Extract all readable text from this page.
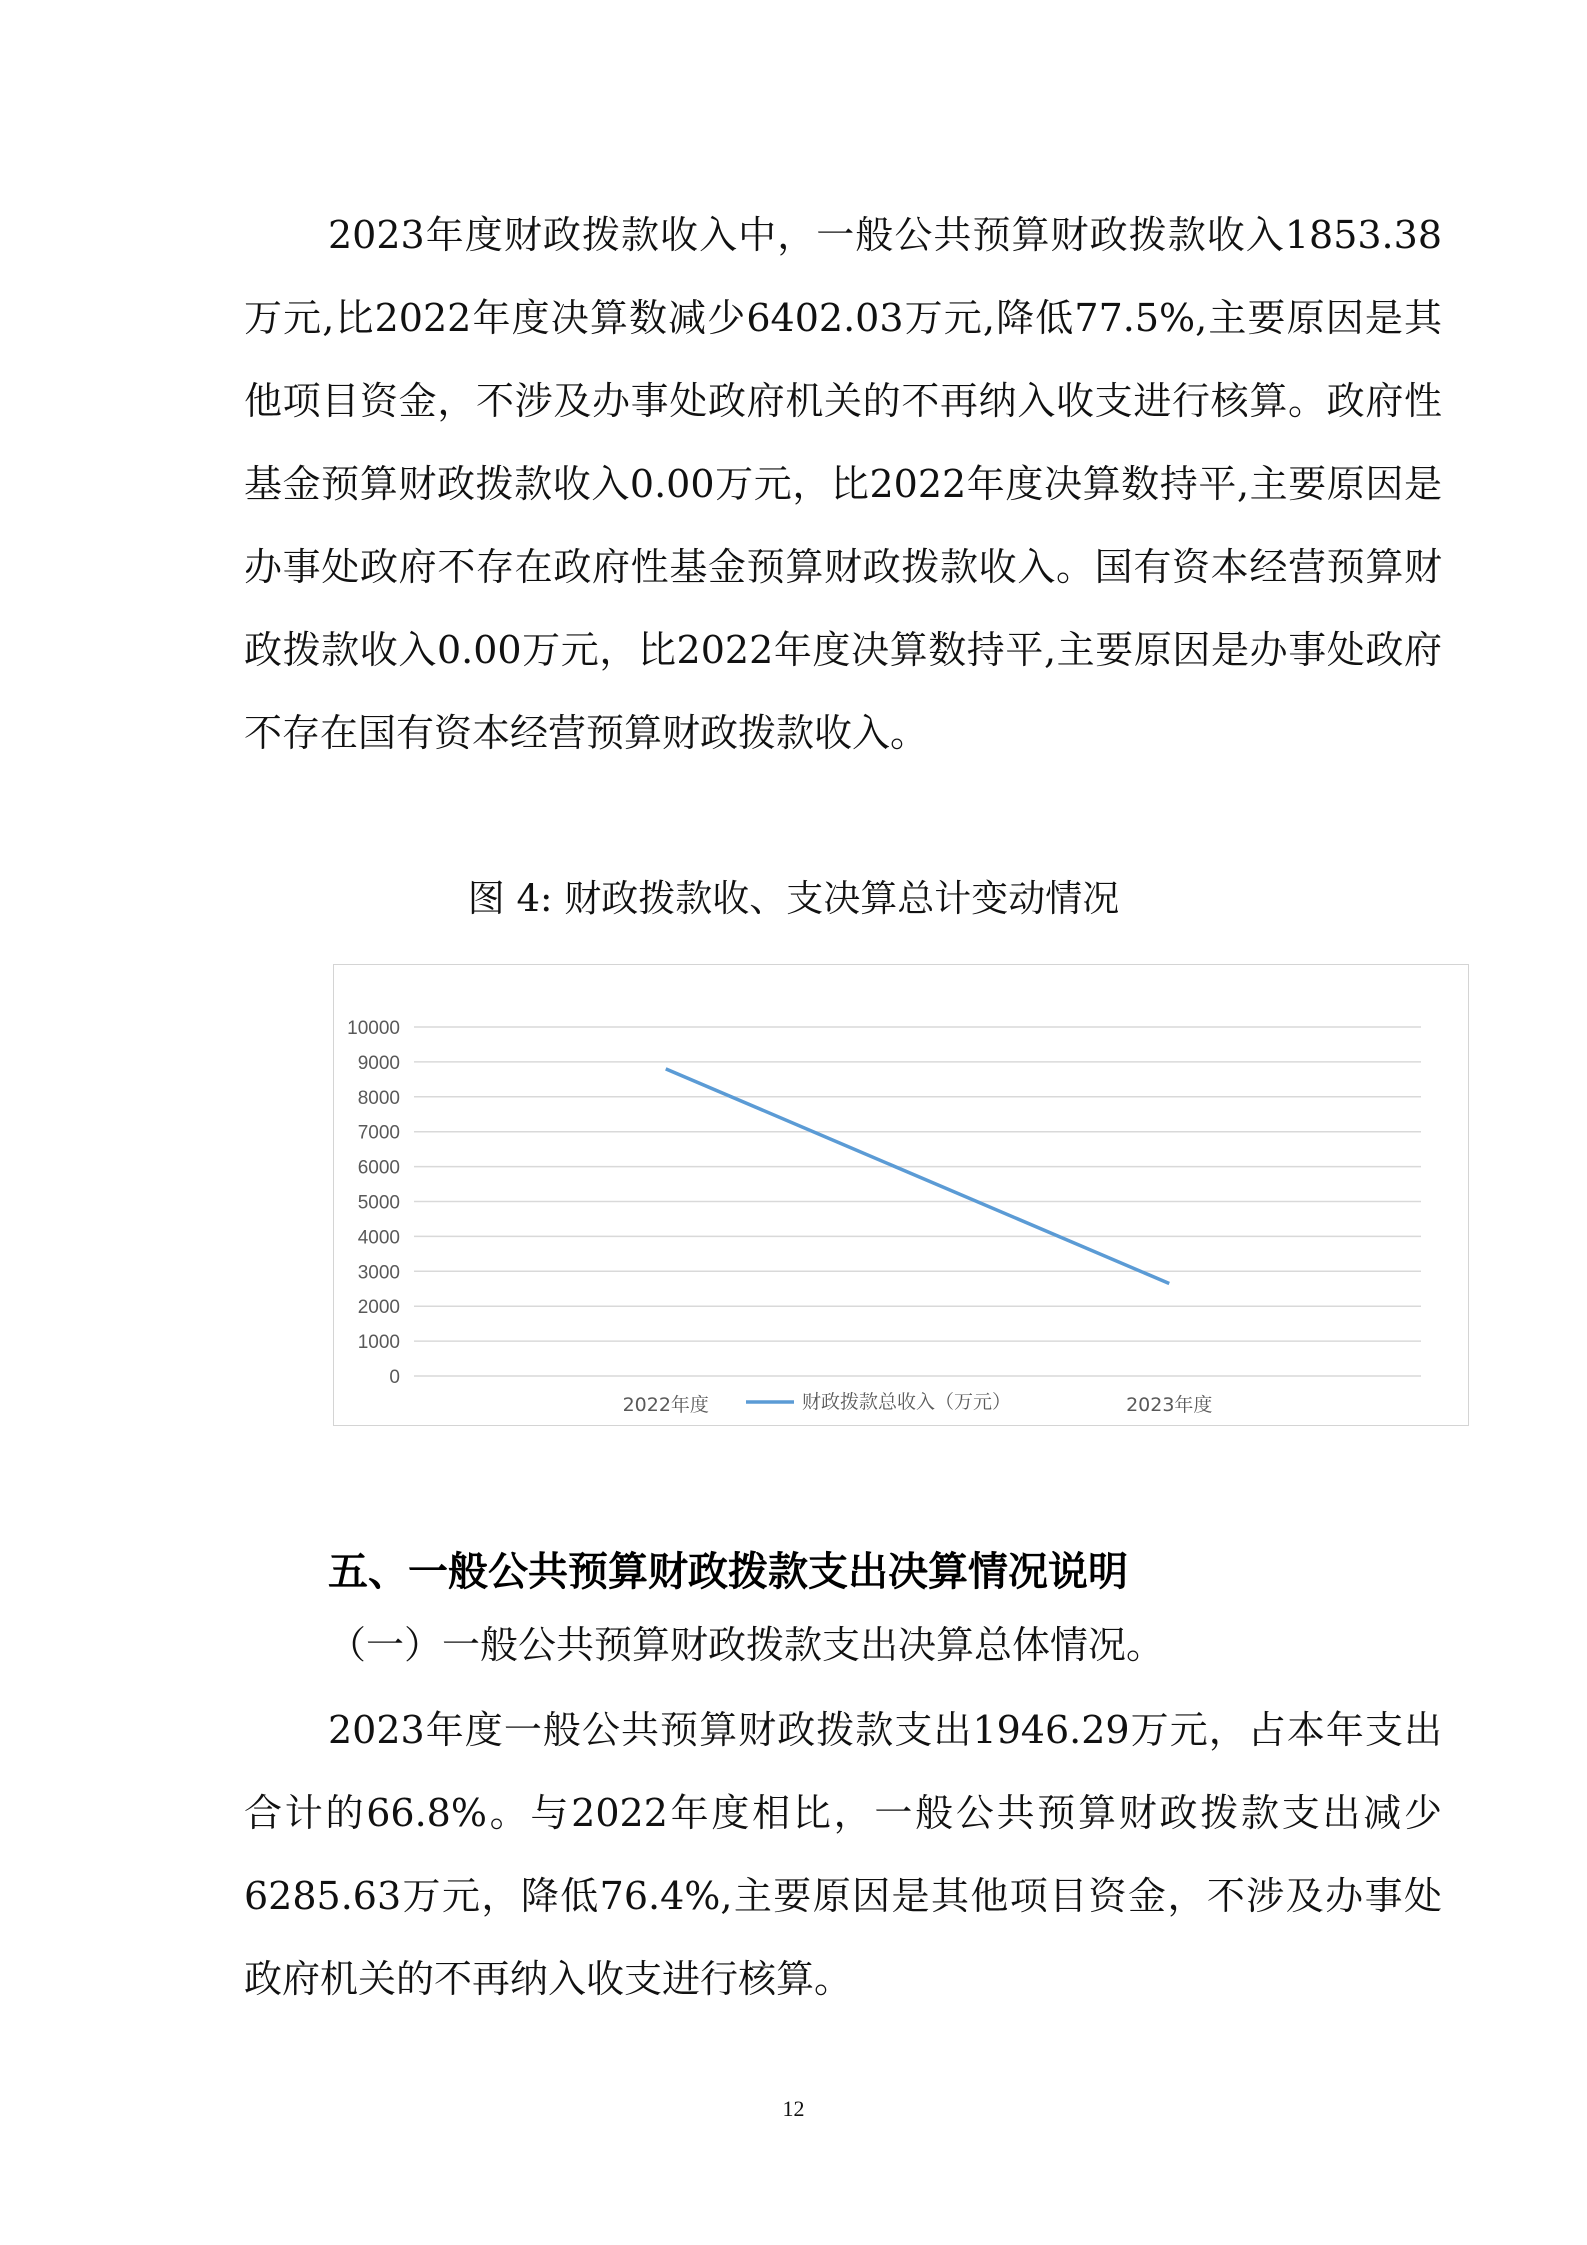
2023年度财政拨款收入中，一般公共预算财政拨款收入1853.38万元,比2022年度决算数减少6402.03万元,降低77.5%,主要原因是其他项目资金，不涉及办事处政府机关的不再纳入收支进行核算。政府性基金预算财政拨款收入0.00万元，比2022年度决算数持平,主要原因是办事处政府不存在政府性基金预算财政拨款收入。国有资本经营预算财政拨款收入0.00万元，比2022年度决算数持平,主要原因是办事处政府不存在国有资本经营预算财政拨款收入。

图 4: 财政拨款收、支决算总计变动情况

0
1000
2000
3000
4000
5000
6000
7000
8000
9000
10000
2022年度	2023年度
财政拨款总收入（万元）
五、一般公共预算财政拨款支出决算情况说明

（一）一般公共预算财政拨款支出决算总体情况。

2023年度一般公共预算财政拨款支出1946.29万元，占本年支出合计的66.8%。与2022年度相比，一般公共预算财政拨款支出减少6285.63万元，降低76.4%,主要原因是其他项目资金，不涉及办事处政府机关的不再纳入收支进行核算。

12
